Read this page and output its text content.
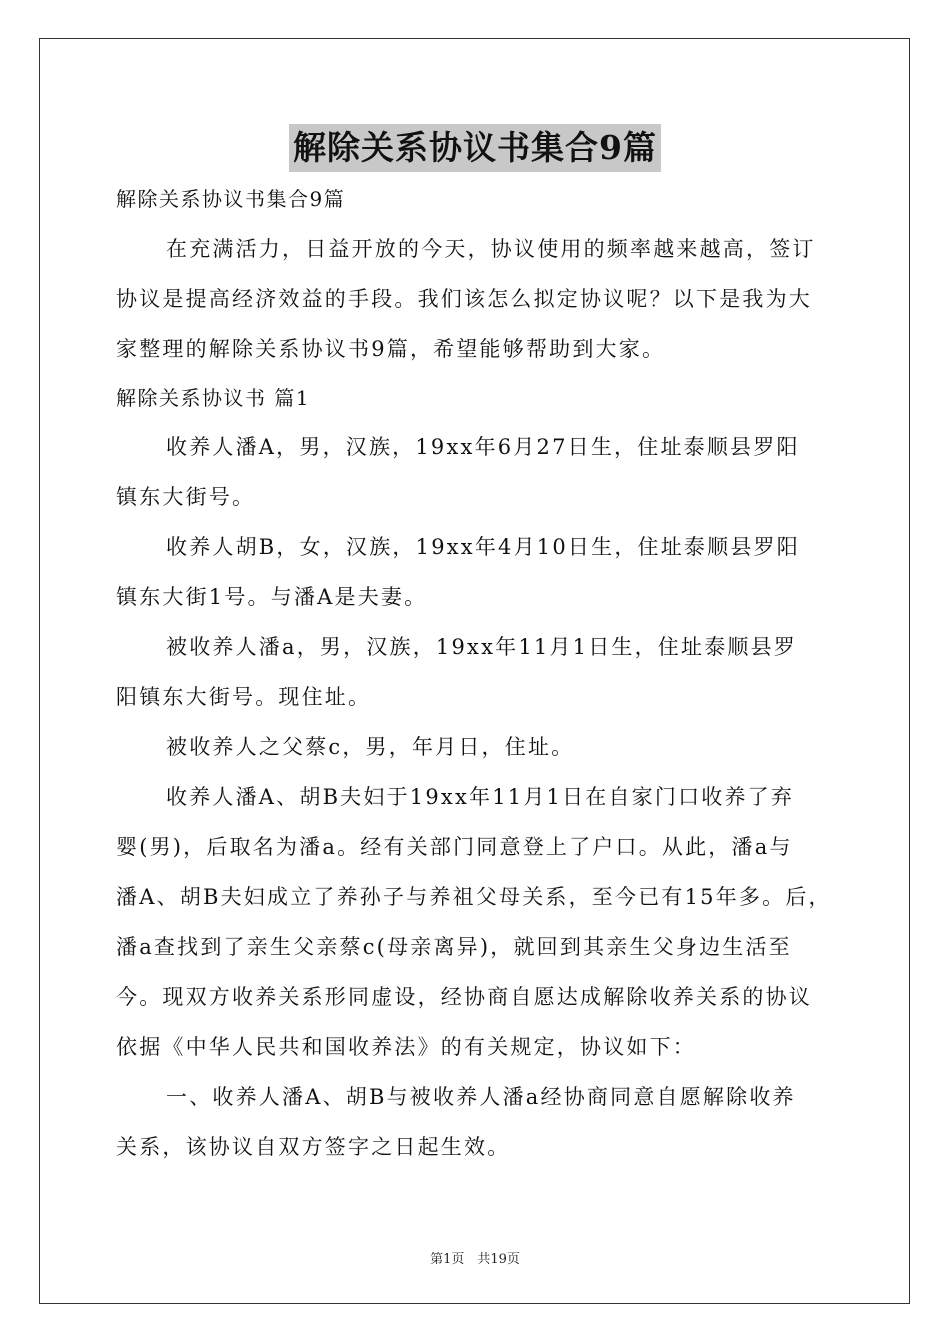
解除关系协议书集合9篇

解除关系协议书集合9篇

在充满活力，日益开放的今天，协议使用的频率越来越高，签订

协议是提高经济效益的手段。我们该怎么拟定协议呢？以下是我为大

家整理的解除关系协议书9篇，希望能够帮助到大家。

解除关系协议书 篇1

收养人潘A，男，汉族，19xx年6月27日生，住址泰顺县罗阳

镇东大街号。

收养人胡B，女，汉族，19xx年4月10日生，住址泰顺县罗阳

镇东大街1号。与潘A是夫妻。

被收养人潘a，男，汉族，19xx年11月1日生，住址泰顺县罗

阳镇东大街号。现住址。

被收养人之父蔡c，男，年月日，住址。

收养人潘A、胡B夫妇于19xx年11月1日在自家门口收养了弃

婴(男)，后取名为潘a。经有关部门同意登上了户口。从此，潘a与

潘A、胡B夫妇成立了养孙子与养祖父母关系，至今已有15年多。后，

潘a查找到了亲生父亲蔡c(母亲离异)，就回到其亲生父身边生活至

今。现双方收养关系形同虚设，经协商自愿达成解除收养关系的协议

依据《中华人民共和国收养法》的有关规定，协议如下：

一、收养人潘A、胡B与被收养人潘a经协商同意自愿解除收养

关系，该协议自双方签字之日起生效。

第1页　共19页
